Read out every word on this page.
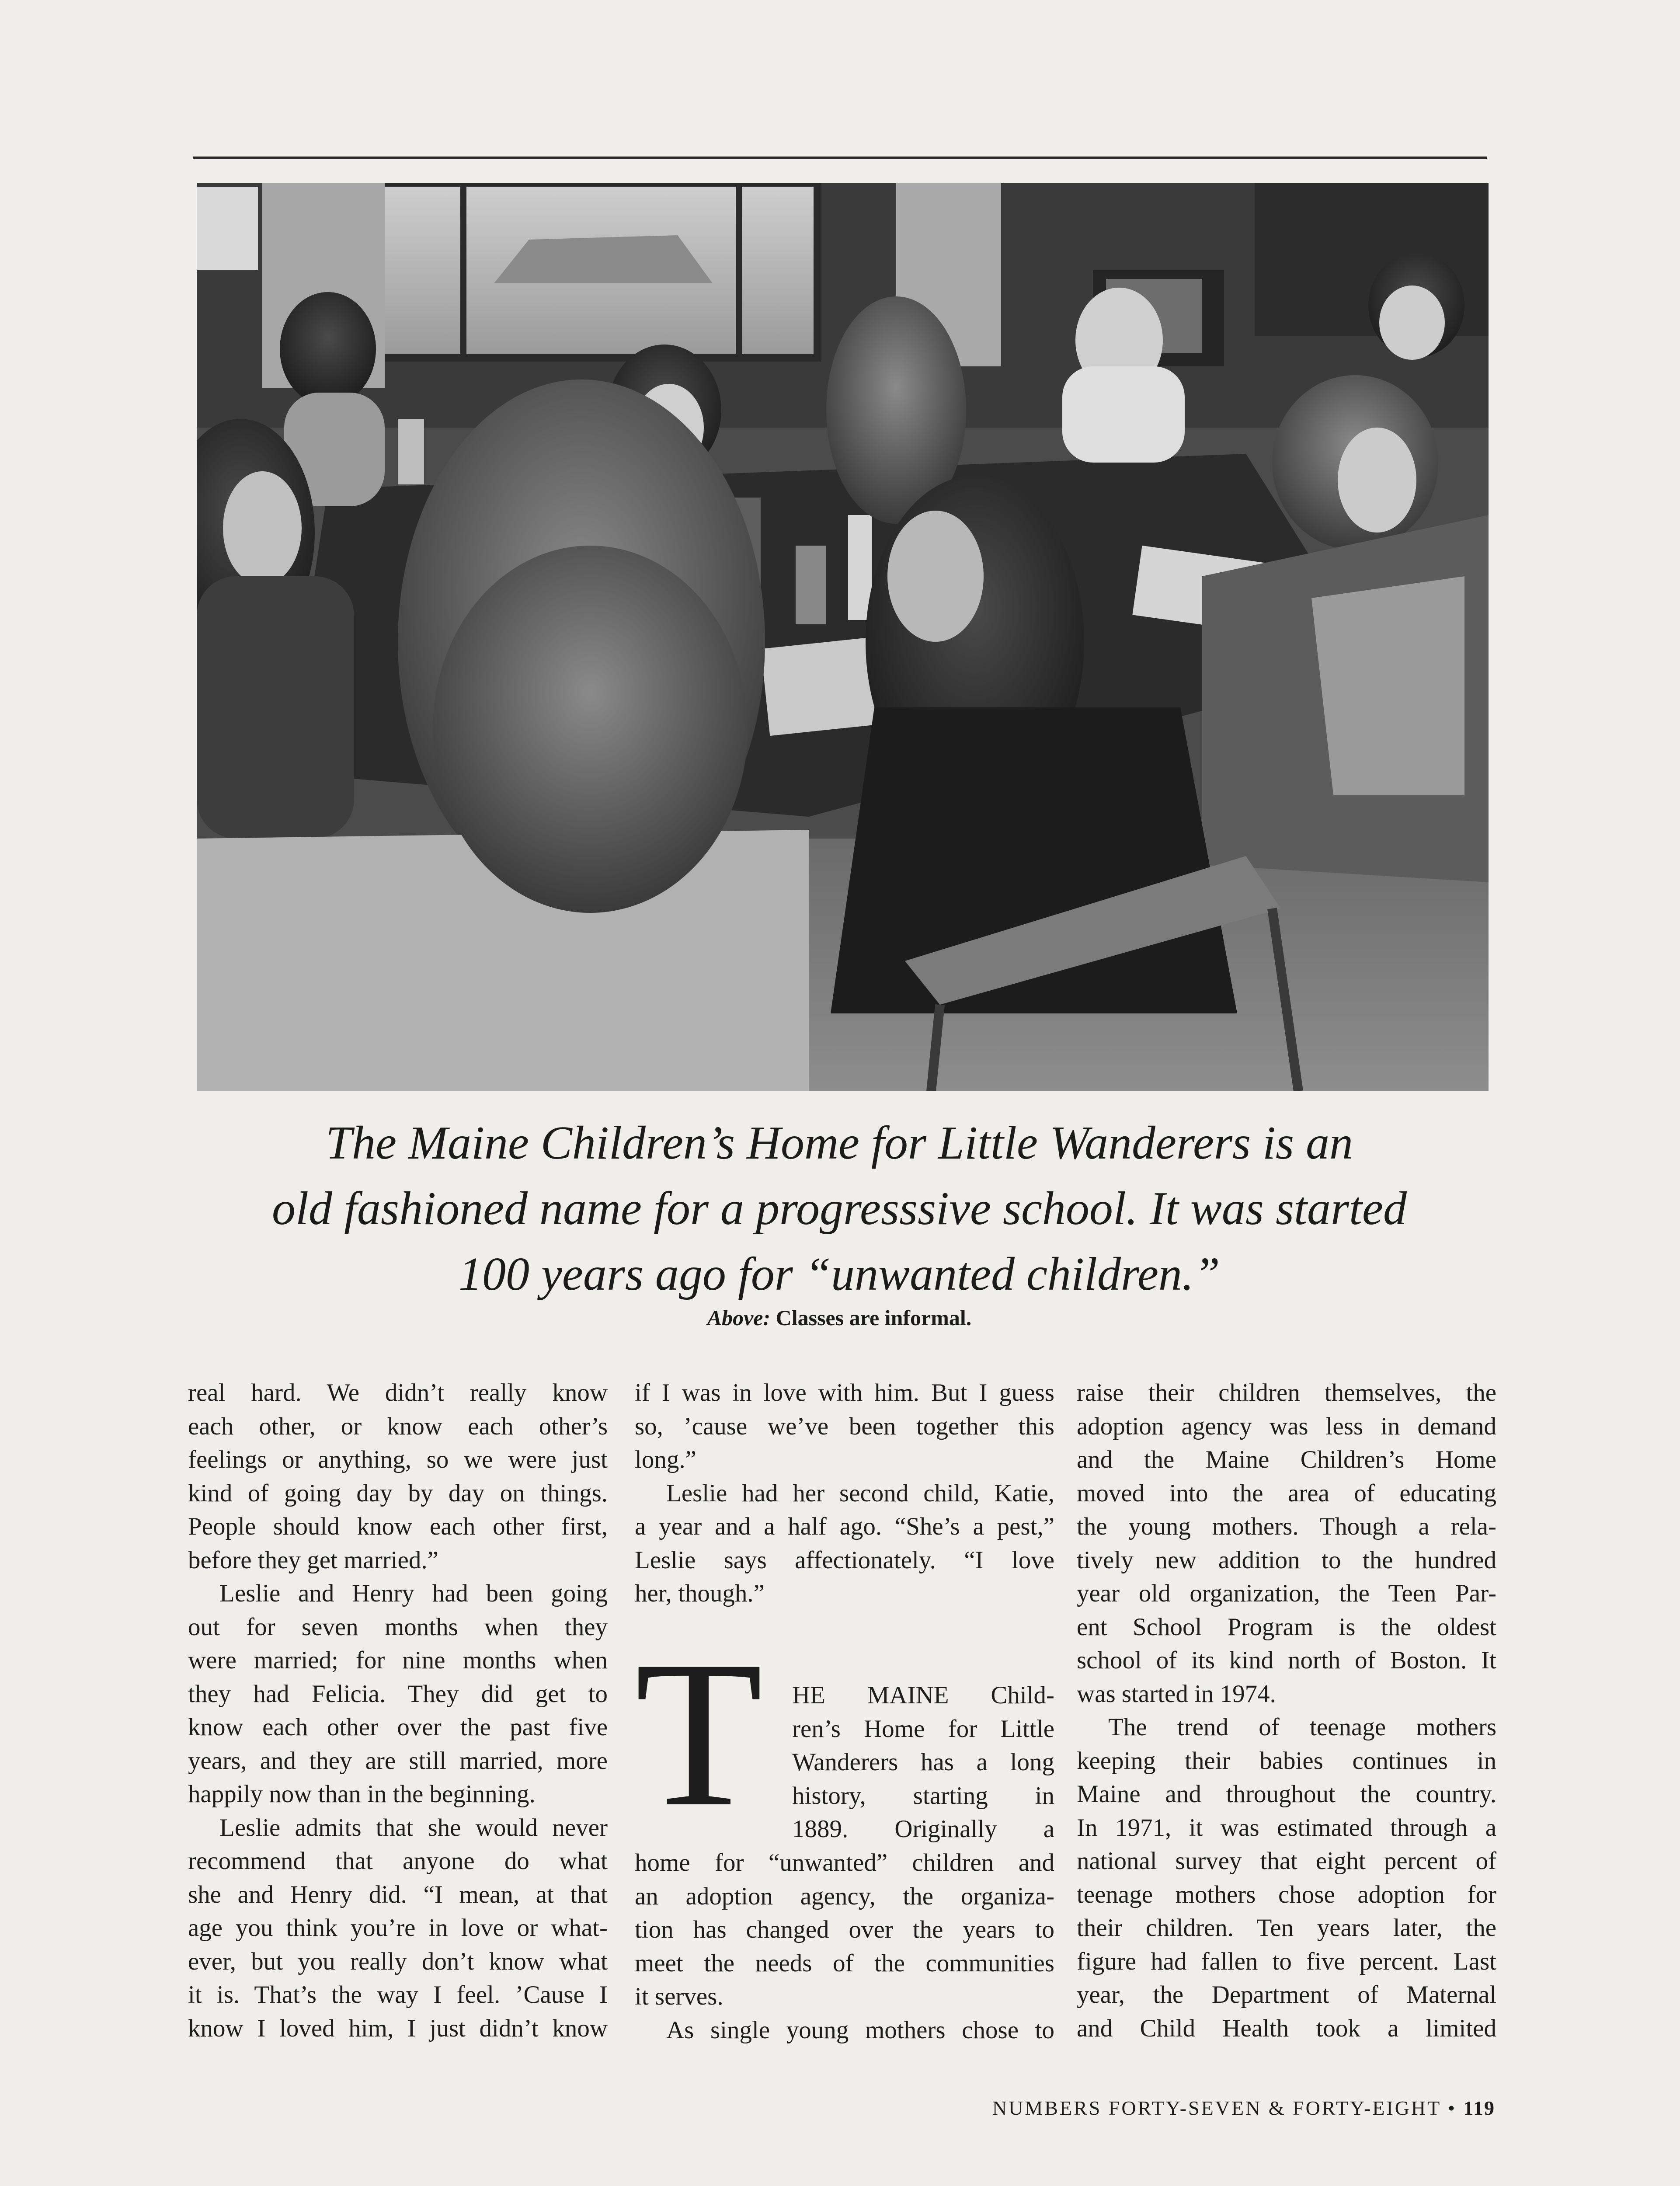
The Maine Children’s Home for Little Wanderers is an
old fashioned name for a progresssive school. It was started
100 years ago for “unwanted children.”
Above: Classes are informal.
real hard. We didn’t really know
each other, or know each other’s
feelings or anything, so we were just
kind of going day by day on things.
People should know each other first,
before they get married.”
Leslie and Henry had been going
out for seven months when they
were married; for nine months when
they had Felicia. They did get to
know each other over the past five
years, and they are still married, more
happily now than in the beginning.
Leslie admits that she would never
recommend that anyone do what
she and Henry did. “I mean, at that
age you think you’re in love or what-
ever, but you really don’t know what
it is. That’s the way I feel. ’Cause I
know I loved him, I just didn’t know
if I was in love with him. But I guess
so, ’cause we’ve been together this
long.”
Leslie had her second child, Katie,
a year and a half ago. “She’s a pest,”
Leslie says affectionately. “I love
her, though.”
T	HE MAINE Child-
ren’s Home for Little
Wanderers has a long
history, starting in
1889. Originally a
home for “unwanted” children and
an adoption agency, the organiza-
tion has changed over the years to
meet the needs of the communities
it serves.
As single young mothers chose to
raise their children themselves, the
adoption agency was less in demand
and the Maine Children’s Home
moved into the area of educating
the young mothers. Though a rela-
tively new addition to the hundred
year old organization, the Teen Par-
ent School Program is the oldest
school of its kind north of Boston. It
was started in 1974.
The trend of teenage mothers
keeping their babies continues in
Maine and throughout the country.
In 1971, it was estimated through a
national survey that eight percent of
teenage mothers chose adoption for
their children. Ten years later, the
figure had fallen to five percent. Last
year, the Department of Maternal
and Child Health took a limited
NUMBERS FORTY-SEVEN & FORTY-EIGHT • 119
